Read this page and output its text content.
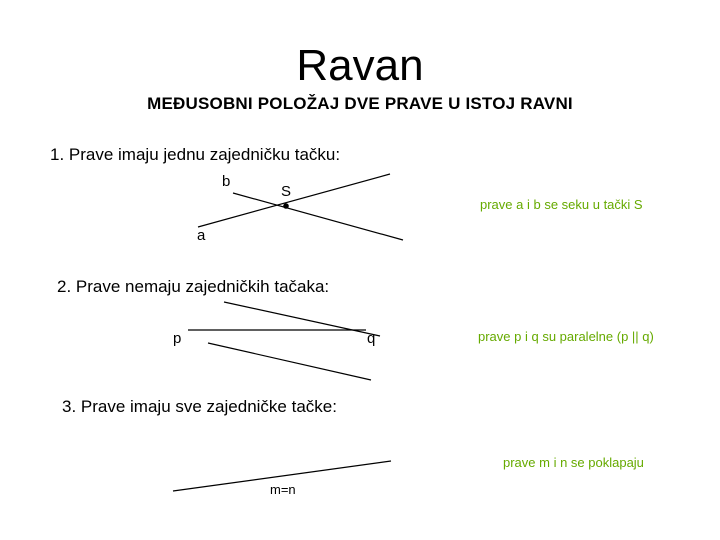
Ravan
MEĐUSOBNI POLOŽAJ DVE PRAVE U ISTOJ RAVNI
1. Prave imaju jednu zajedničku tačku:
b
S
a
prave a i b se seku u tački S
2. Prave nemaju zajedničkih tačaka:
p	q	prave p i q su paralelne (p || q)
3. Prave imaju sve zajedničke tačke:
m=n
prave m i n se poklapaju
